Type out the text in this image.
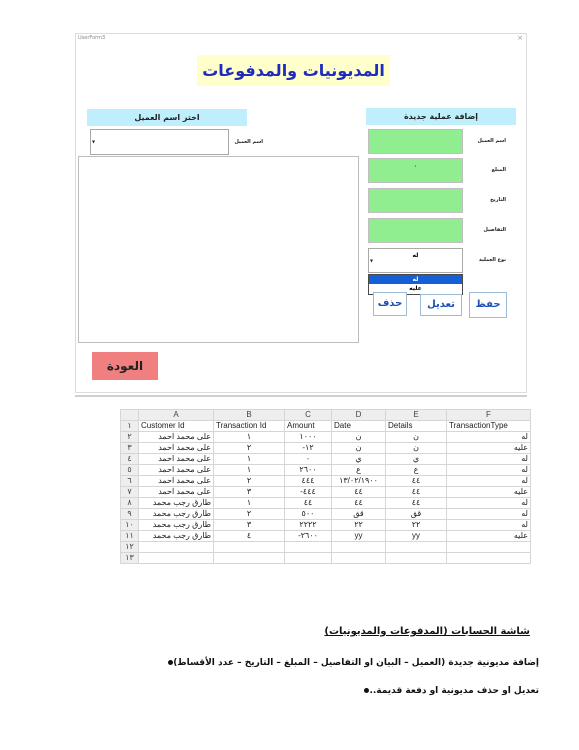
UserForm3	×
المديونيات والمدفوعات
اختر اسم العميل
▾	اسم العميل
العودة
إضافة عملية جديدة
اسم العميل
٠	المبلغ
التاريخ
التفاصيل
▾
له
نوع العملية
له
عليه
حفظ
تعديل
حذف
	A	B	C	D	E	F
١	Customer Id	Transaction Id	Amount	Date	Details	TransactionType
٢	على محمد احمد	١	١٠٠٠	ن	ن	له
٣	على محمد احمد	٢	-١٢	ن	ن	عليه
٤	على محمد احمد	١	٠	ي	ي	له
٥	على محمد احمد	١	٢٦٠٠	ع	ع	له
٦	على محمد احمد	٢	٤٤٤	١٣/٠٢/١٩٠٠	٤٤	له
٧	على محمد احمد	٣	-٤٤٤	٤٤	٤٤	عليه
٨	طارق رجب محمد	١	٤٤	٤٤	٤٤	له
٩	طارق رجب محمد	٢	٥٠٠	قق	قق	له
١٠	طارق رجب محمد	٣	٢٢٢٢	٢٢	٢٢	له
١١	طارق رجب محمد	٤	-٢٦٠٠	yy	yy	عليه
١٢						
١٣						
شاشة الحسابات (المدفوعات والمديونيات)
إضافة مديونية جديدة (العميل – البيان او التفاصيل – المبلغ – التاريخ – عدد الأقساط)
تعديل او حذف مديونية او دفعة قديمة..
